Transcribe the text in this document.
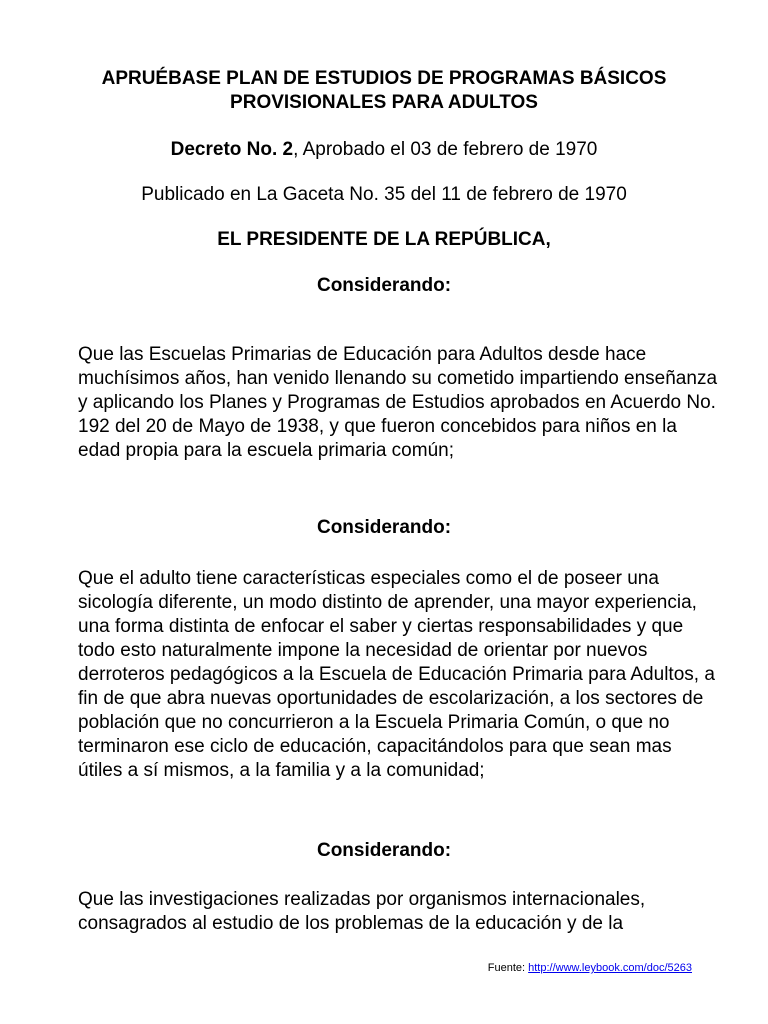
APRUÉBASE PLAN DE ESTUDIOS DE PROGRAMAS BÁSICOS PROVISIONALES PARA ADULTOS
Decreto No. 2, Aprobado el 03 de febrero de 1970
Publicado en La Gaceta No. 35 del 11 de febrero de 1970
EL PRESIDENTE DE LA REPÚBLICA,
Considerando:
Que las Escuelas Primarias de Educación para Adultos desde hace muchísimos años, han venido llenando su cometido impartiendo enseñanza y aplicando los Planes y Programas de Estudios aprobados en Acuerdo No. 192 del 20 de Mayo de 1938, y que fueron concebidos para niños en la edad propia para la escuela primaria común;
Considerando:
Que el adulto tiene características especiales como el de poseer una sicología diferente, un modo distinto de aprender, una mayor experiencia, una forma distinta de enfocar el saber y ciertas responsabilidades y que todo esto naturalmente impone la necesidad de orientar por nuevos derroteros pedagógicos a la Escuela de Educación Primaria para Adultos, a fin de que abra nuevas oportunidades de escolarización, a los sectores de población que no concurrieron a la Escuela Primaria Común, o que no terminaron ese ciclo de educación, capacitándolos para que sean mas útiles a sí mismos, a la familia y a la comunidad;
Considerando:
Que las investigaciones realizadas por organismos internacionales, consagrados al estudio de los problemas de la educación y de la
Fuente: http://www.leybook.com/doc/5263
